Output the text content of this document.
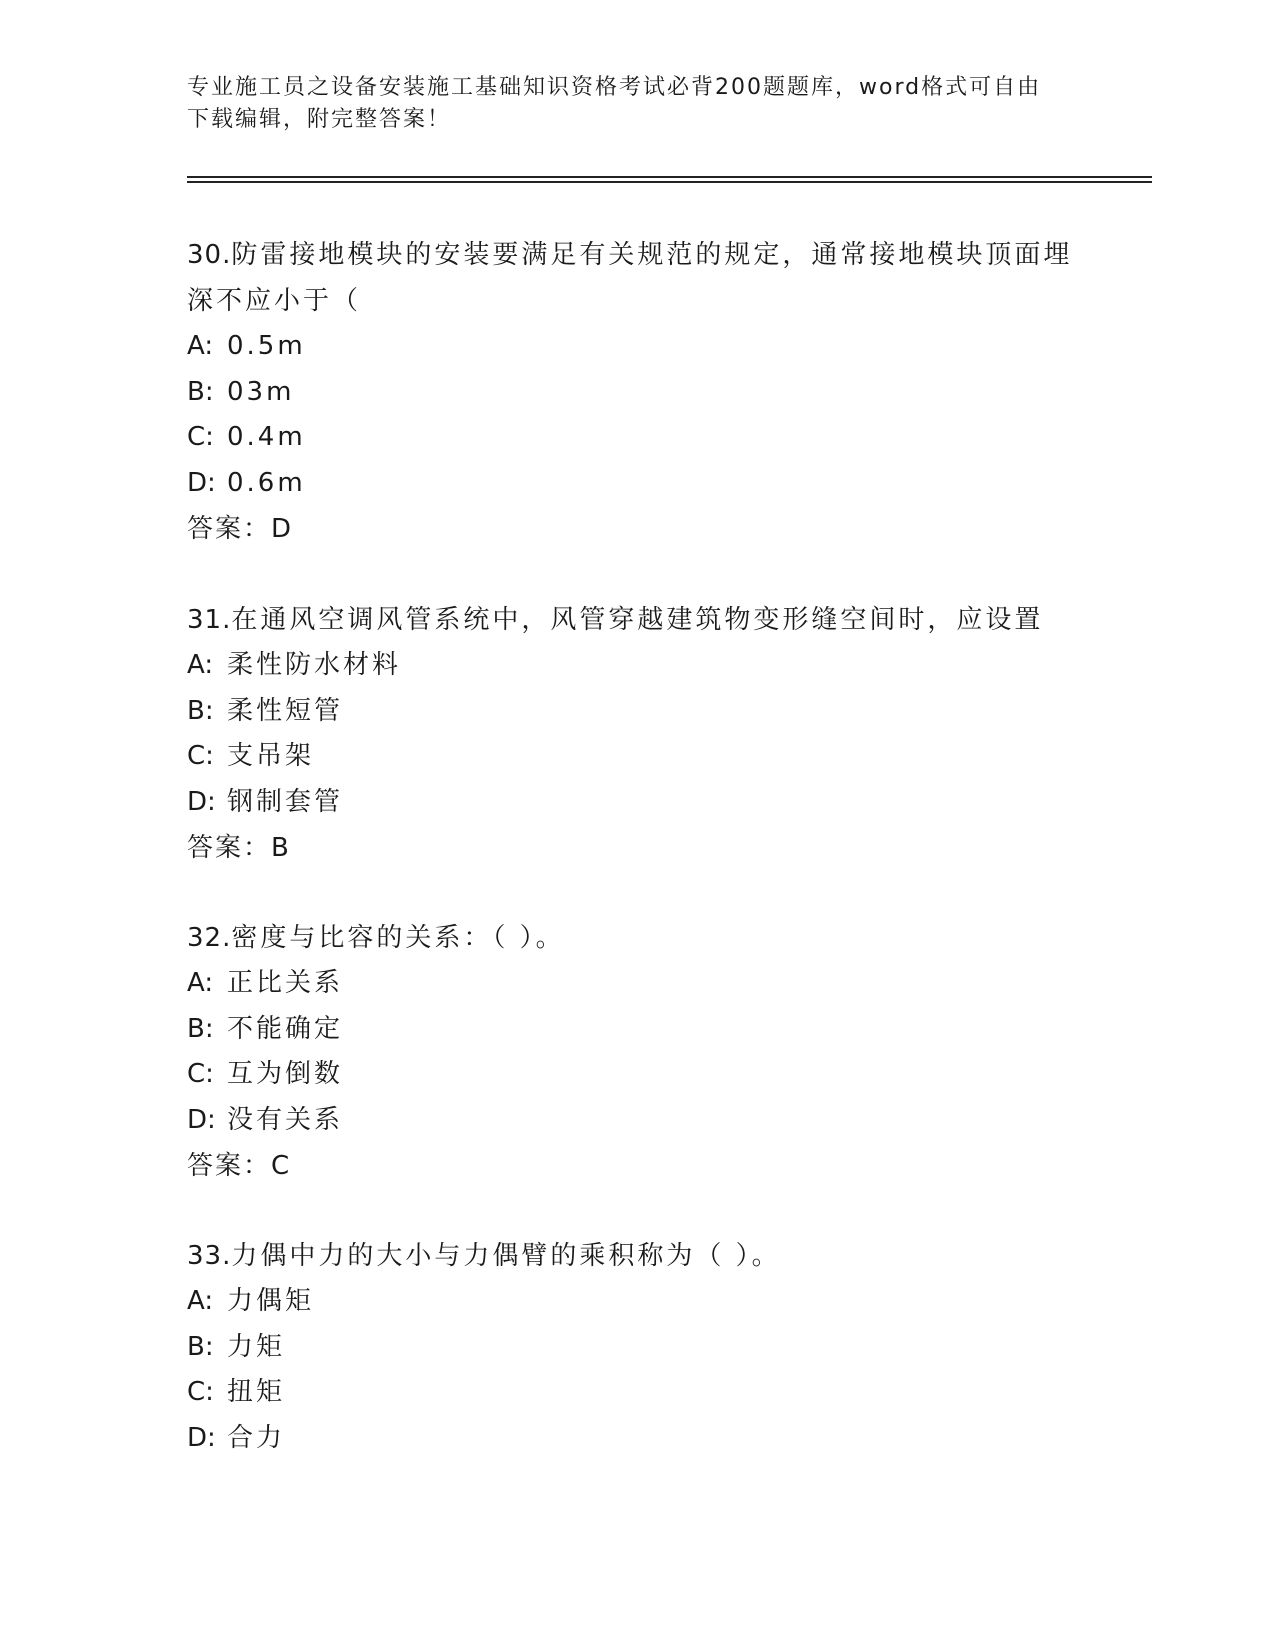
专业施工员之设备安装施工基础知识资格考试必背200题题库，word格式可自由
下载编辑，附完整答案！

30.防雷接地模块的安装要满足有关规范的规定，通常接地模块顶面埋
深不应小于（

A: 0.5m
B: 03m
C: 0.4m
D: 0.6m

答案：D

31.在通风空调风管系统中，风管穿越建筑物变形缝空间时，应设置

A: 柔性防水材料
B: 柔性短管
C: 支吊架
D: 钢制套管

答案：B

32.密度与比容的关系：（ ）。

A: 正比关系
B: 不能确定
C: 互为倒数
D: 没有关系

答案：C

33.力偶中力的大小与力偶臂的乘积称为（ ）。

A: 力偶矩
B: 力矩
C: 扭矩
D: 合力
